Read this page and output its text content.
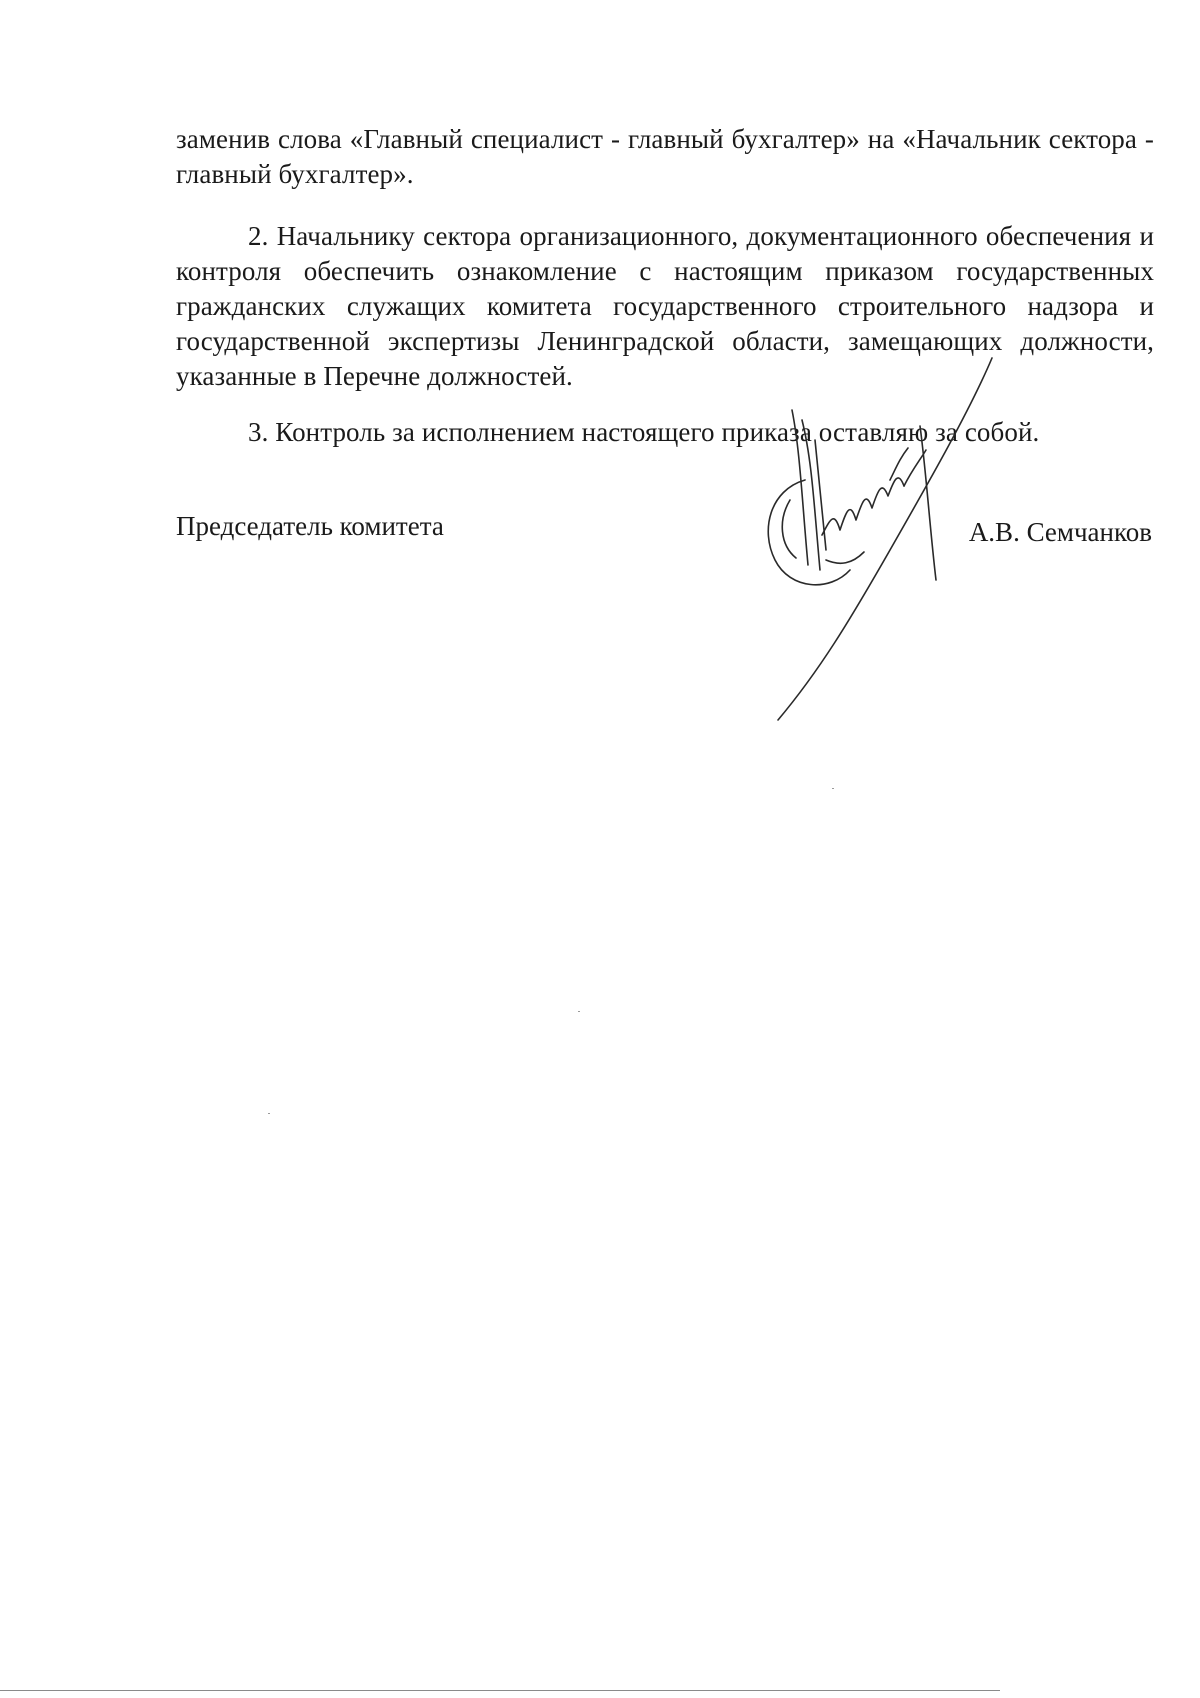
заменив слова «Главный специалист - главный бухгалтер» на «Начальник сектора - главный бухгалтер».

2. Начальнику сектора организационного, документационного обеспечения и контроля обеспечить ознакомление с настоящим приказом государственных гражданских служащих комитета государственного строительного надзора и государственной экспертизы Ленинградской области, замещающих должности, указанные в Перечне должностей.

3. Контроль за исполнением настоящего приказа оставляю за собой.

Председатель комитета	А.В. Семчанков
